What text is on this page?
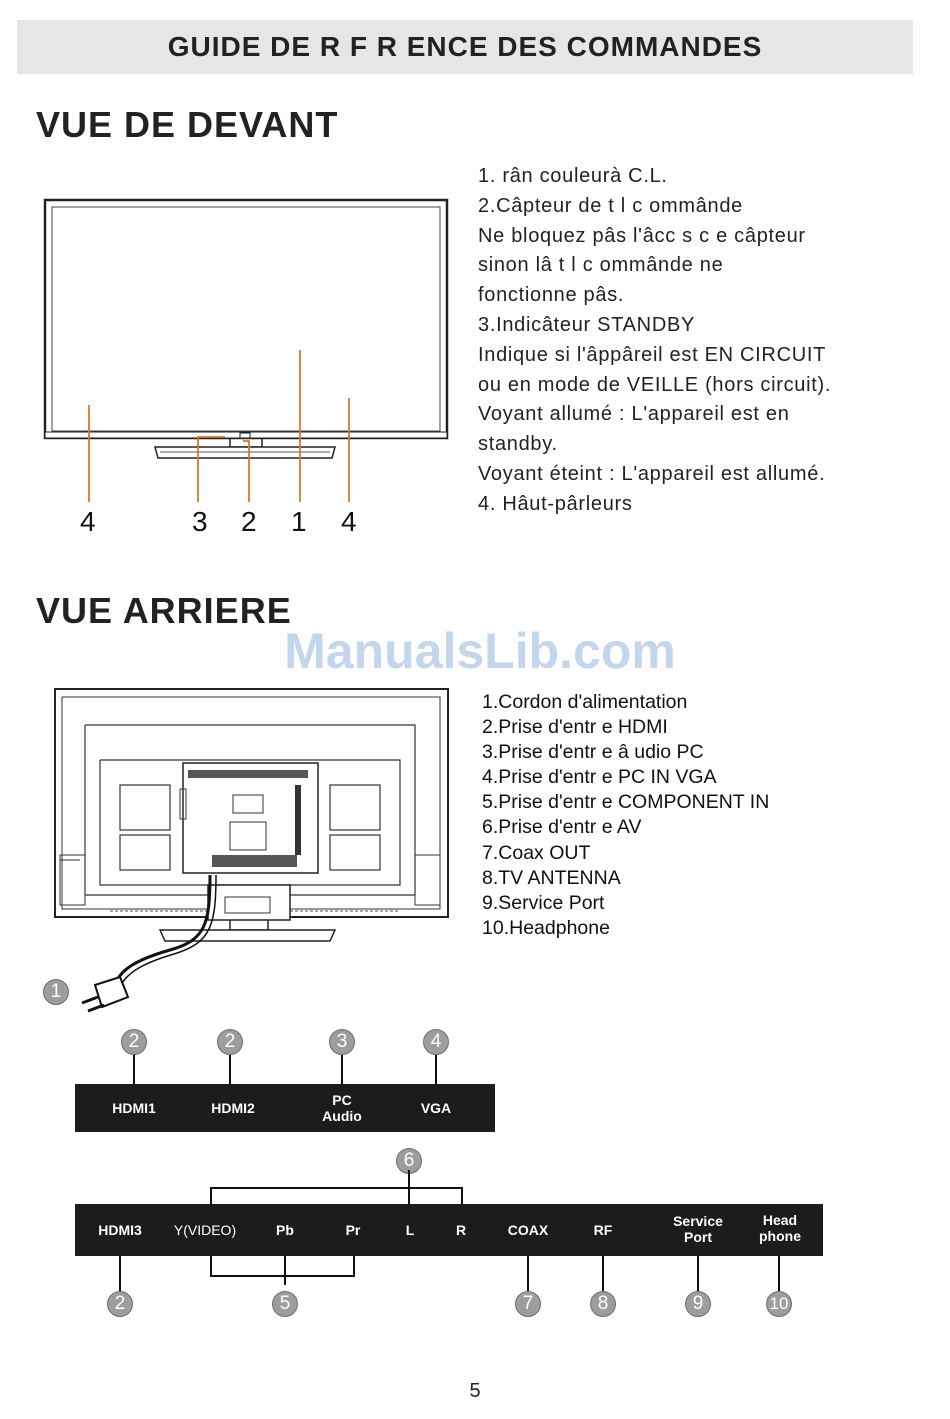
GUIDE DE R F R ENCE DES COMMANDES
VUE DE DEVANT
4	3 2 1 4
1. rân couleurà C.L.
2.Câpteur de t l c ommânde
Ne bloquez pâs l'âcc s c e câpteur
sinon lâ t l c ommânde ne
fonctionne pâs.
3.Indicâteur STANDBY
Indique si l'âppâreil est EN CIRCUIT
ou en mode de VEILLE (hors circuit).
Voyant allumé : L'appareil est en
standby.
Voyant éteint : L'appareil est allumé.
4. Hâut-pârleurs
VUE ARRIERE
ManualsLib.com
1
1.Cordon d'alimentation
2.Prise d'entr e HDMI
3.Prise d'entr e â udio PC
4.Prise d'entr e PC IN VGA
5.Prise d'entr e COMPONENT IN
6.Prise d'entr e AV
7.Coax OUT
8.TV ANTENNA
9.Service Port
10.Headphone
2	2	3	4
HDMI1	HDMI2	PC
Audio	VGA
6
HDMI3	Y(VIDEO)	Pb	Pr	L	R	COAX	RF
Service
Port
Head
phone
2	5	7	8	9	10
5
